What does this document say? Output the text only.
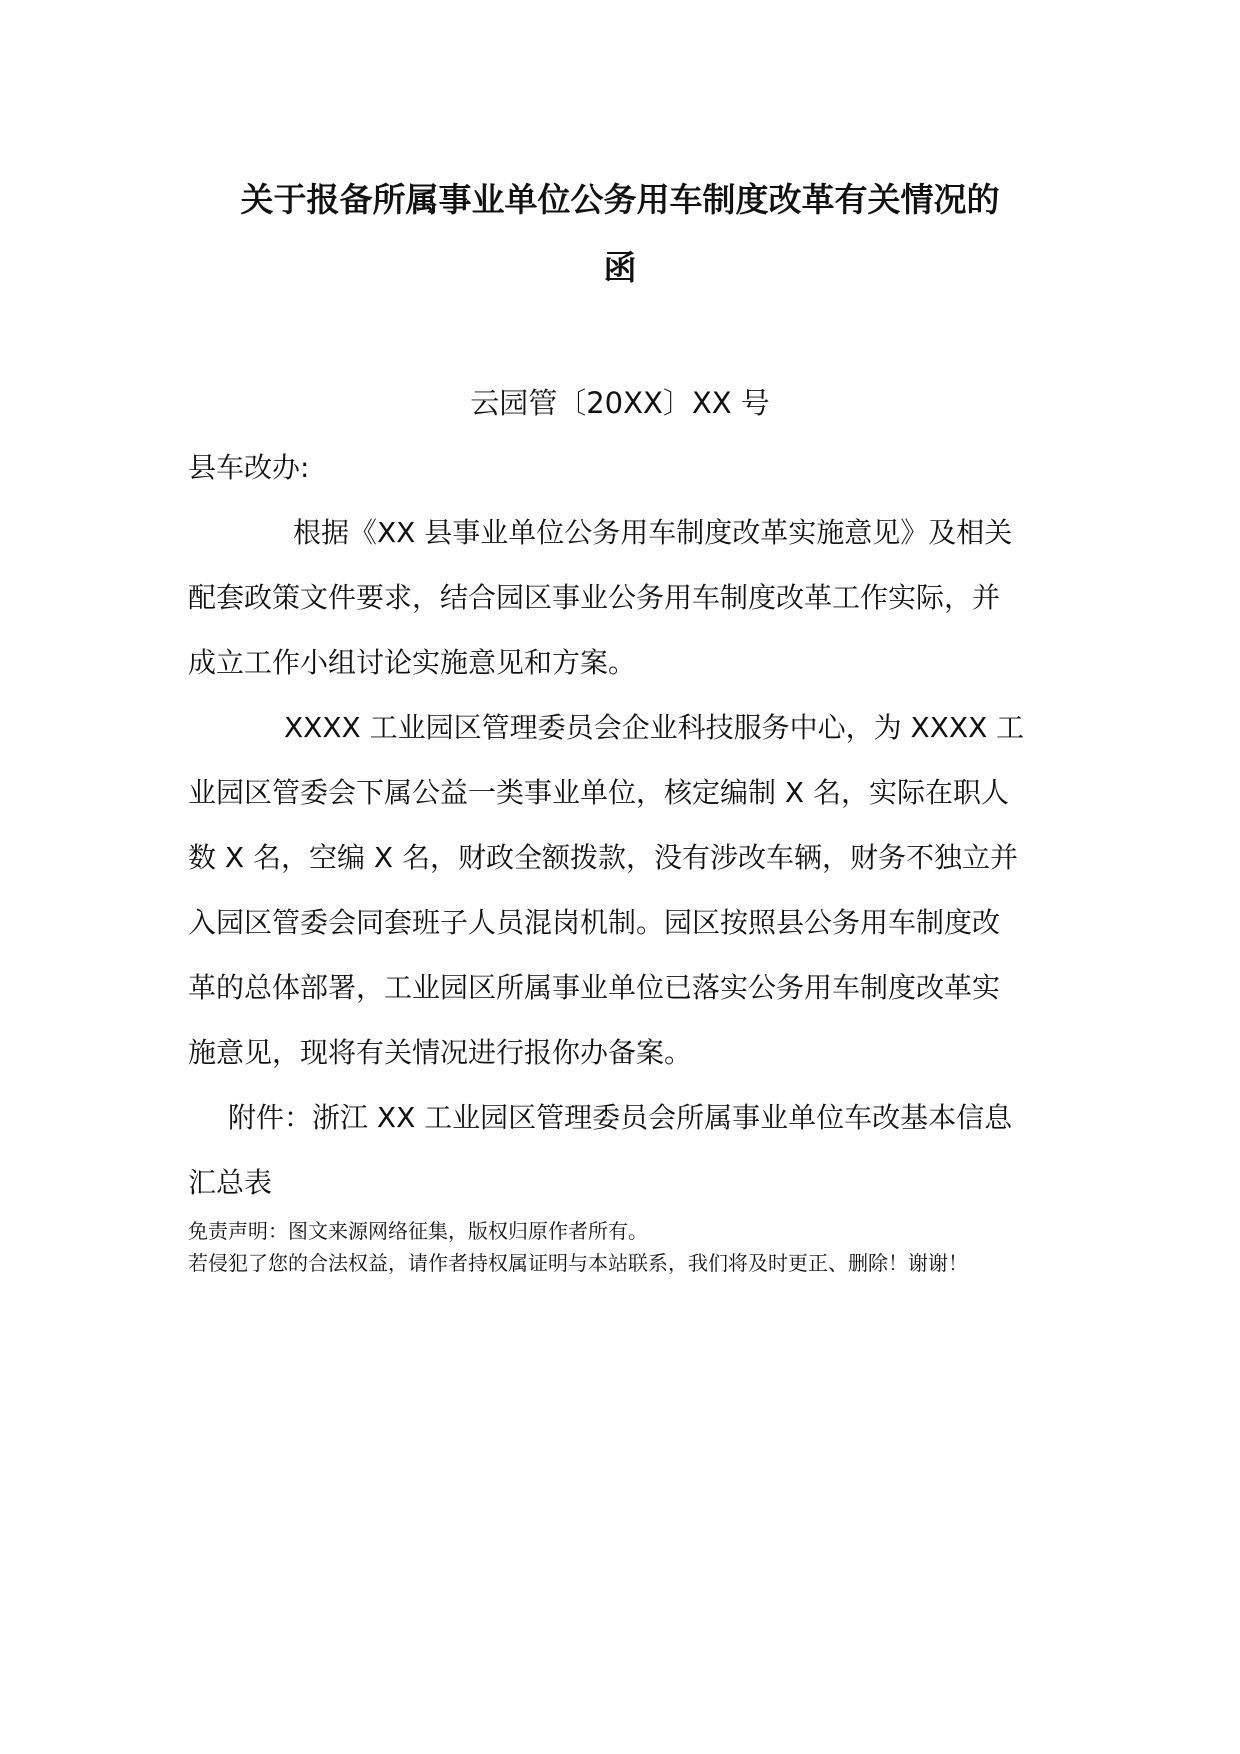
关于报备所属事业单位公务用车制度改革有关情况的
函
云园管〔20XX〕XX 号
县车改办:
根据《XX 县事业单位公务用车制度改革实施意见》及相关
配套政策文件要求，结合园区事业公务用车制度改革工作实际，并
成立工作小组讨论实施意见和方案。
XXXX 工业园区管理委员会企业科技服务中心，为 XXXX 工
业园区管委会下属公益一类事业单位，核定编制 X 名，实际在职人
数 X 名，空编 X 名，财政全额拨款，没有涉改车辆，财务不独立并
入园区管委会同套班子人员混岗机制。园区按照县公务用车制度改
革的总体部署，工业园区所属事业单位已落实公务用车制度改革实
施意见，现将有关情况进行报你办备案。
附件：浙江 XX 工业园区管理委员会所属事业单位车改基本信息
汇总表
免责声明：图文来源网络征集，版权归原作者所有。
若侵犯了您的合法权益，请作者持权属证明与本站联系，我们将及时更正、删除！谢谢！
